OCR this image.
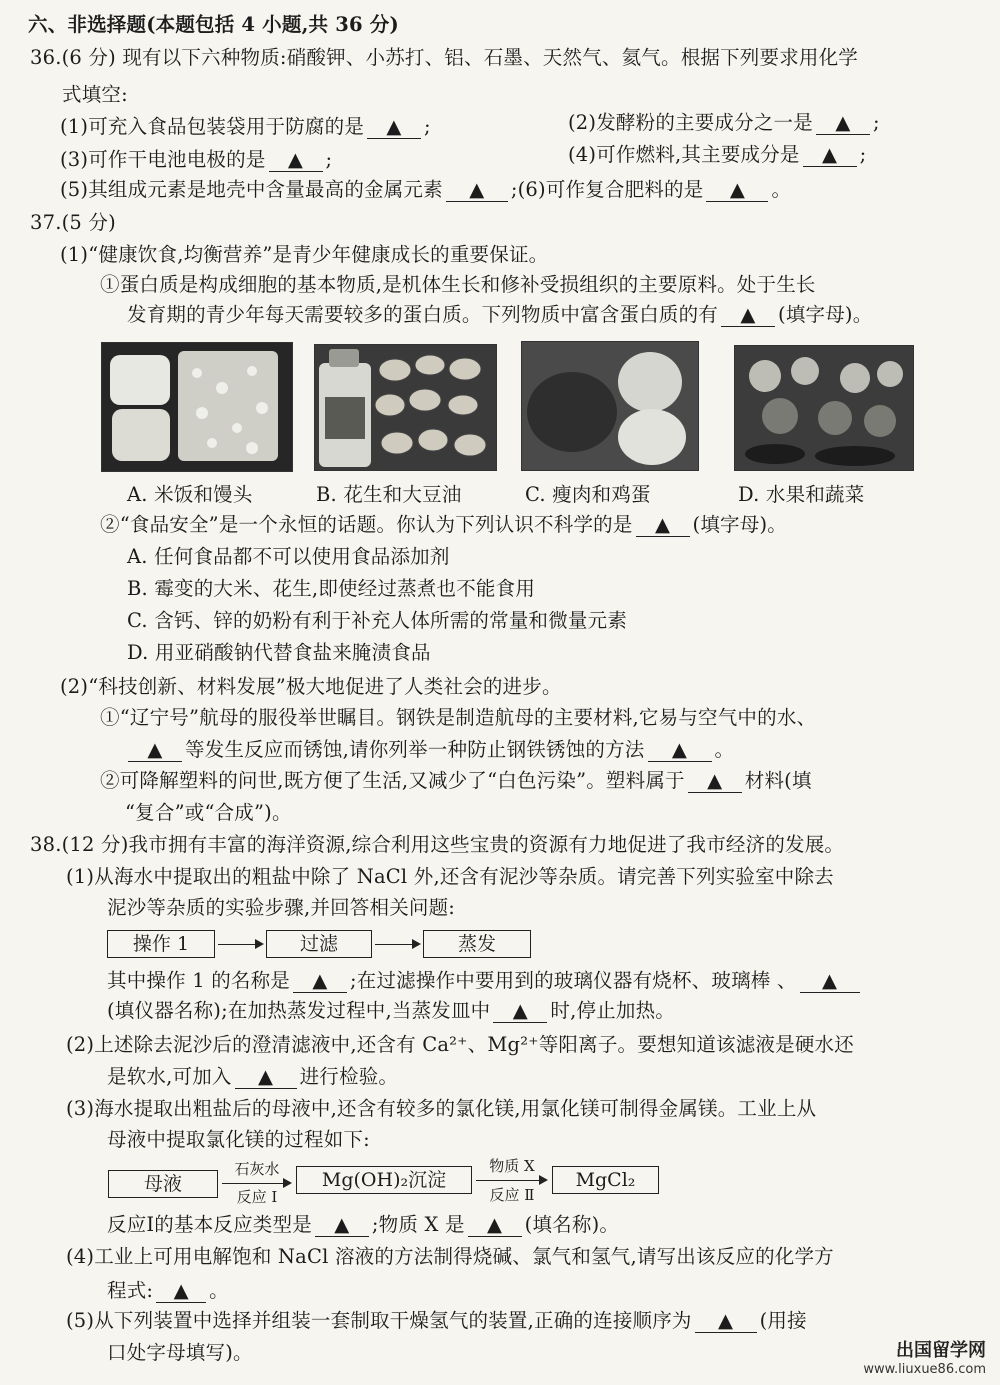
六、非选择题(本题包括 4 小题,共 36 分)
36.(6 分) 现有以下六种物质:硝酸钾、小苏打、铝、石墨、天然气、氦气。根据下列要求用化学
式填空:
(1)可充入食品包装袋用于防腐的是 ▲ ;	(2)发酵粉的主要成分之一是 ▲ ;
(3)可作干电池电极的是 ▲ ;	(4)可作燃料,其主要成分是 ▲ ;
(5)其组成元素是地壳中含量最高的金属元素 ▲ ;(6)可作复合肥料的是 ▲ 。
37.(5 分)
(1)“健康饮食,均衡营养”是青少年健康成长的重要保证。
①蛋白质是构成细胞的基本物质,是机体生长和修补受损组织的主要原料。处于生长
发育期的青少年每天需要较多的蛋白质。下列物质中富含蛋白质的有 ▲ (填字母)。
A. 米饭和馒头	B. 花生和大豆油	C. 瘦肉和鸡蛋	D. 水果和蔬菜
②“食品安全”是一个永恒的话题。你认为下列认识不科学的是 ▲ (填字母)。
A. 任何食品都不可以使用食品添加剂
B. 霉变的大米、花生,即使经过蒸煮也不能食用
C. 含钙、锌的奶粉有利于补充人体所需的常量和微量元素
D. 用亚硝酸钠代替食盐来腌渍食品
(2)“科技创新、材料发展”极大地促进了人类社会的进步。
①“辽宁号”航母的服役举世瞩目。钢铁是制造航母的主要材料,它易与空气中的水、
▲ 等发生反应而锈蚀,请你列举一种防止钢铁锈蚀的方法 ▲ 。
②可降解塑料的问世,既方便了生活,又减少了“白色污染”。塑料属于 ▲ 材料(填
“复合”或“合成”)。
38.(12 分)我市拥有丰富的海洋资源,综合利用这些宝贵的资源有力地促进了我市经济的发展。
(1)从海水中提取出的粗盐中除了 NaCl 外,还含有泥沙等杂质。请完善下列实验室中除去
泥沙等杂质的实验步骤,并回答相关问题:
操作 1	过滤	蒸发
其中操作 1 的名称是 ▲ ;在过滤操作中要用到的玻璃仪器有烧杯、玻璃棒 、 ▲
(填仪器名称);在加热蒸发过程中,当蒸发皿中 ▲ 时,停止加热。
(2)上述除去泥沙后的澄清滤液中,还含有 Ca²⁺、Mg²⁺等阳离子。要想知道该滤液是硬水还
是软水,可加入 ▲ 进行检验。
(3)海水提取出粗盐后的母液中,还含有较多的氯化镁,用氯化镁可制得金属镁。工业上从
母液中提取氯化镁的过程如下:
母液
石灰水
反应 Ⅰ
Mg(OH)₂沉淀
物质 X
反应 Ⅱ
MgCl₂
反应Ⅰ的基本反应类型是 ▲ ;物质 X 是 ▲ (填名称)。
(4)工业上可用电解饱和 NaCl 溶液的方法制得烧碱、氯气和氢气,请写出该反应的化学方
程式: ▲ 。
(5)从下列装置中选择并组装一套制取干燥氢气的装置,正确的连接顺序为 ▲ (用接
口处字母填写)。	出国留学网
www.liuxue86.com
